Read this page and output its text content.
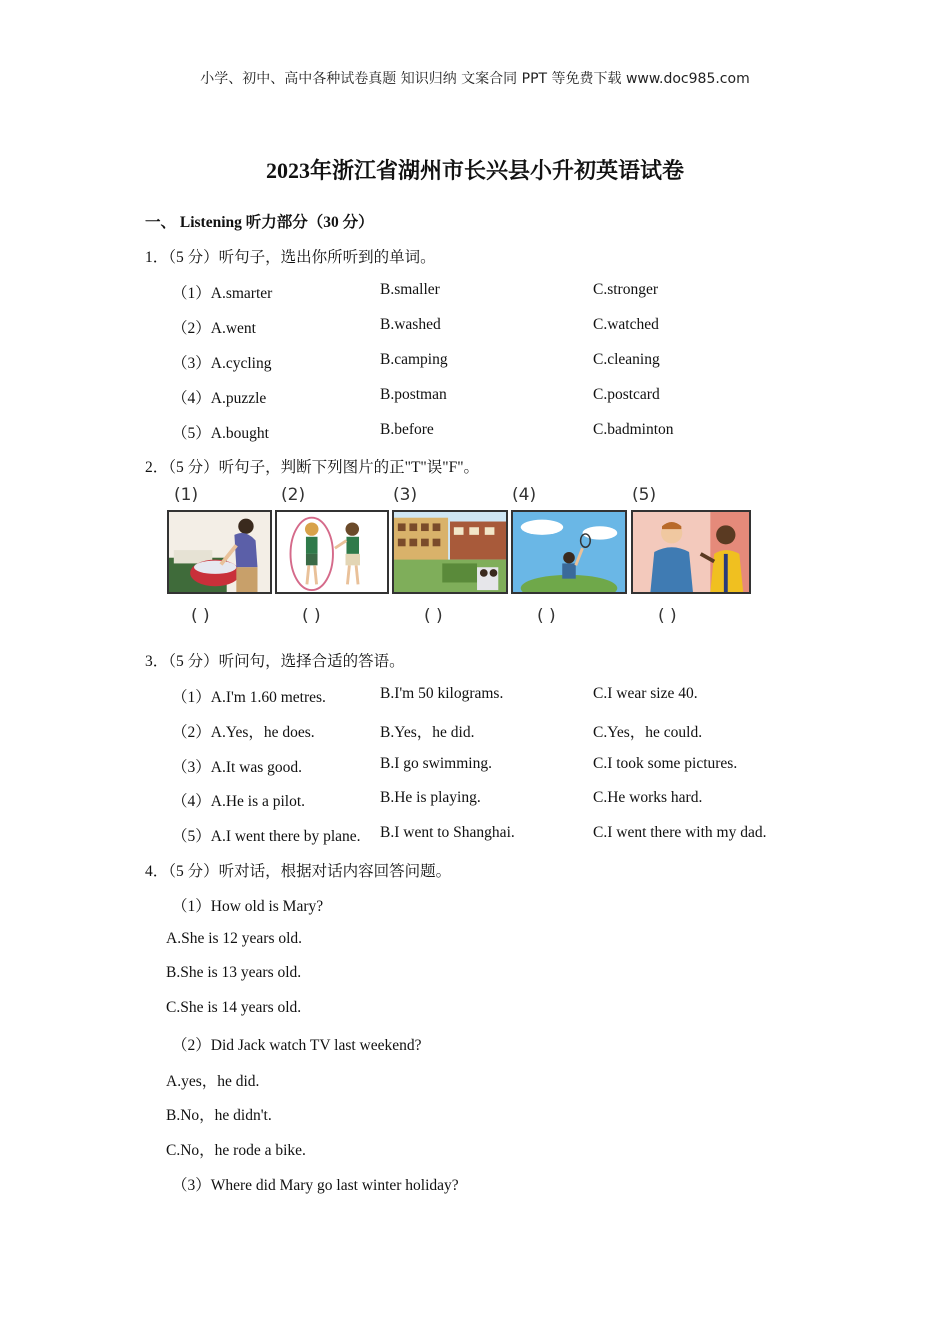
小学、初中、高中各种试卷真题 知识归纳 文案合同 PPT 等免费下载 www.doc985.com
2023年浙江省湖州市长兴县小升初英语试卷
一、 Listening 听力部分（30 分）
1．（5 分）听句子，选出你所听到的单词。
（1）A.smarter	B.smaller	C.stronger
（2）A.went	B.washed	C.watched
（3）A.cycling	B.camping	C.cleaning
（4）A.puzzle	B.postman	C.postcard
（5）A.bought	B.before	C.badminton
2．（5 分）听句子，判断下列图片的正"T"误"F"。
(1)	(2)	(3)	(4)	(5)
( )	( )	( )	( )	( )
3．（5 分）听问句，选择合适的答语。
（1）A.I'm 1.60 metres.	B.I'm 50 kilograms.	C.I wear size 40.
（2）A.Yes，he does.	B.Yes，he did.	C.Yes，he could.
（3）A.It was good.	B.I go swimming.	C.I took some pictures.
（4）A.He is a pilot.	B.He is playing.	C.He works hard.
（5）A.I went there by plane. B.I went to Shanghai.	C.I went there with my dad.
4．（5 分）听对话，根据对话内容回答问题。
（1）How old is Mary?
A.She is 12 years old.
B.She is 13 years old.
C.She is 14 years old.
（2）Did Jack watch TV last weekend?
A.yes，he did.
B.No，he didn't.
C.No，he rode a bike.
（3）Where did Mary go last winter holiday?
